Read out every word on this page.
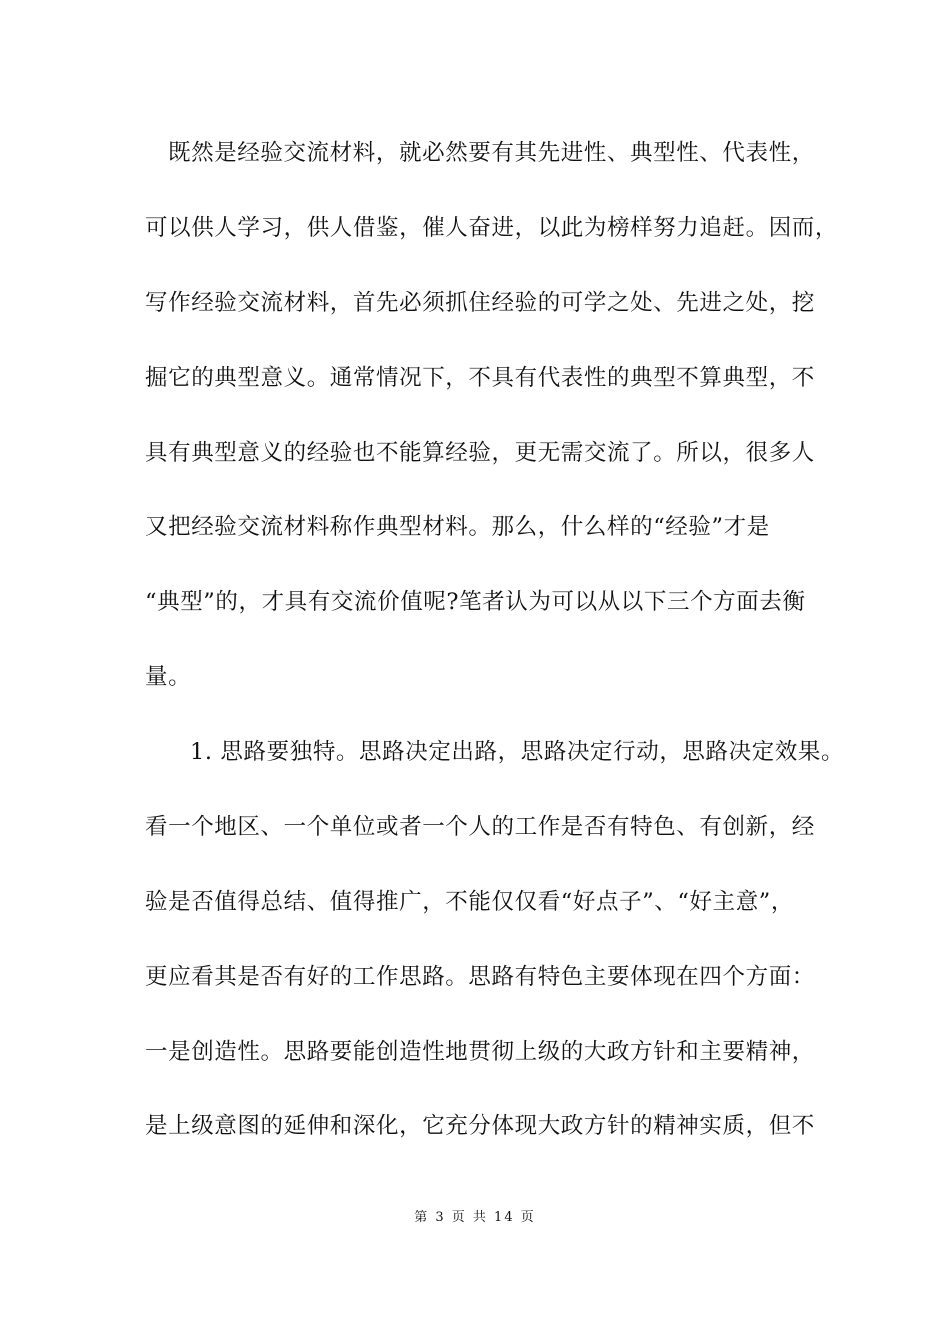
既然是经验交流材料，就必然要有其先进性、典型性、代表性，
可以供人学习，供人借鉴，催人奋进，以此为榜样努力追赶。因而，
写作经验交流材料，首先必须抓住经验的可学之处、先进之处，挖
掘它的典型意义。通常情况下，不具有代表性的典型不算典型，不
具有典型意义的经验也不能算经验，更无需交流了。所以，很多人
又把经验交流材料称作典型材料。那么，什么样的“经验”才是
“典型”的，才具有交流价值呢?笔者认为可以从以下三个方面去衡
量。
1. 思路要独特。思路决定出路，思路决定行动，思路决定效果。
看一个地区、一个单位或者一个人的工作是否有特色、有创新，经
验是否值得总结、值得推广，不能仅仅看“好点子”、“好主意”，
更应看其是否有好的工作思路。思路有特色主要体现在四个方面：
一是创造性。思路要能创造性地贯彻上级的大政方针和主要精神，
是上级意图的延伸和深化，它充分体现大政方针的精神实质，但不
第 3 页 共 14 页
